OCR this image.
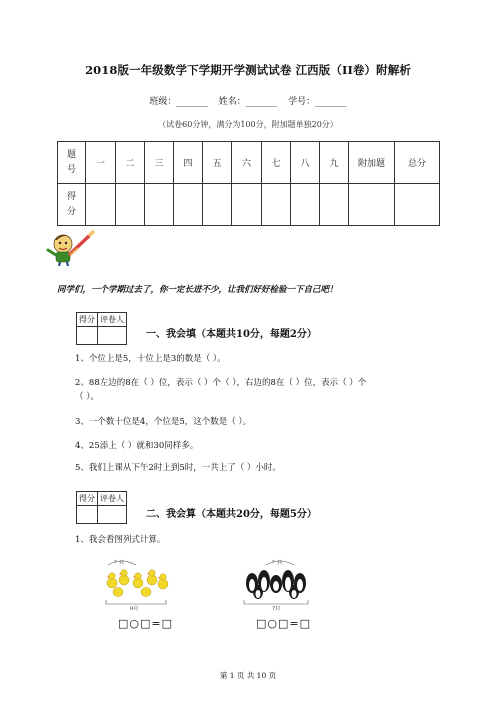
2018版一年级数学下学期开学测试试卷 江西版（II卷）附解析
班级：_______ 姓名：_______ 学号：_______
（试卷60分钟，满分为100分，附加题单独20分）
题号	一	二	三	四	五	六	七	八	九	附加题	总分
得分											
同学们，一个学期过去了，你一定长进不少，让我们好好检验一下自己吧！
得分	评卷人

一、我会填（本题共10分，每题2分）
1、个位上是5，十位上是3的数是（ ）。
2、88左边的8在（ ）位，表示（ ）个（ ），右边的8在（ ）位，表示（ ）个
（ ）。
3、一个数十位是4，个位是5，这个数是（ ）。
4、25添上（ ）就和30同样多。
5、我们上课从下午2时上到5时，一共上了（ ）小时。
得分	评卷人

二、我会算（本题共20分，每题5分）
1、我会看图列式计算。
？只
9只
？只
7只
□○□=□	□○□=□
第 1 页 共 10 页
